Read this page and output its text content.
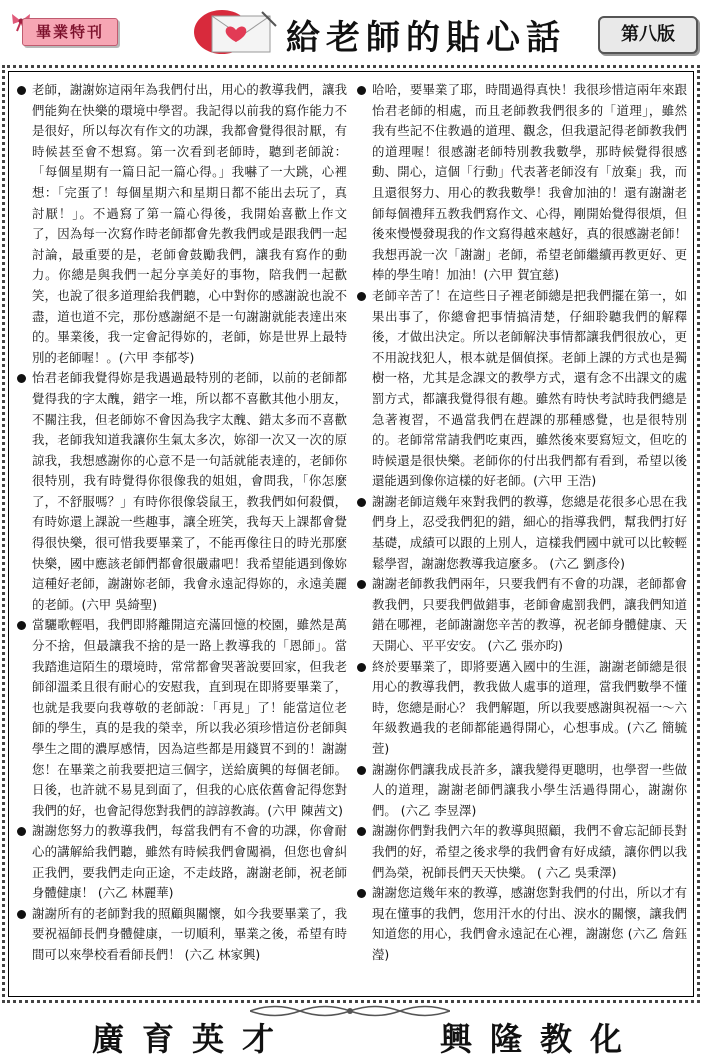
畢業特刊	給老師的貼心話	第八版
老師，謝謝妳這兩年為我們付出，用心的教導我們，讓我們能夠在快樂的環境中學習。我記得以前我的寫作能力不是很好，所以每次有作文的功課，我都會覺得很討厭，有時候甚至會不想寫。第一次看到老師時，聽到老師說：「每個星期有一篇日記一篇心得。」我嚇了一大跳，心裡想：「完蛋了！每個星期六和星期日都不能出去玩了，真討厭！」。不過寫了第一篇心得後，我開始喜歡上作文了，因為每一次寫作時老師都會先教我們或是跟我們一起討論，最重要的是，老師會鼓勵我們，讓我有寫作的動力。你總是與我們一起分享美好的事物，陪我們一起歡笑，也說了很多道理給我們聽，心中對你的感謝說也說不盡，道也道不完，那份感謝絕不是一句謝謝就能表達出來的。畢業後，我一定會記得妳的，老師，妳是世界上最特別的老師喔！。(六甲 李郁苓)
怡君老師我覺得妳是我遇過最特別的老師，以前的老師都覺得我的字太醜，錯字一堆，所以都不喜歡其他小朋友，不關注我，但老師妳不會因為我字太醜、錯太多而不喜歡我，老師我知道我讓你生氣太多次，妳卻一次又一次的原諒我，我想感謝你的心意不是一句話就能表達的，老師你很特別，我有時覺得你很像我的姐姐，會問我，「你怎麼了，不舒服嗎？」有時你很像袋鼠王，教我們如何殺價，有時妳還上課說一些趣事，讓全班笑，我每天上課都會覺得很快樂，很可惜我要畢業了，不能再像往日的時光那麼快樂，國中應該老師們都會很嚴肅吧！我希望能遇到像妳這種好老師，謝謝妳老師，我會永遠記得妳的，永遠美麗的老師。(六甲 吳綺聖)
當驪歌輕唱，我們即將離開這充滿回憶的校園，雖然是萬分不捨，但最讓我不捨的是一路上教導我的「恩師」。當我踏進這陌生的環境時，常常都會哭著說要回家，但我老師卻溫柔且很有耐心的安慰我，直到現在即將要畢業了，也就是我要向我尊敬的老師說：「再見」了！能當這位老師的學生，真的是我的榮幸，所以我必須珍惜這份老師與學生之間的濃厚感情，因為這些都是用錢買不到的！謝謝您！在畢業之前我要把這三個字，送給廣興的每個老師。日後，也許就不易見到面了，但我的心底依舊會記得您對我們的好，也會記得您對我們的諄諄教誨。(六甲 陳茜文)
謝謝您努力的教導我們，每當我們有不會的功課，你會耐 心的講解給我們聽，雖然有時候我們會闖禍，但您也會糾正我們，要我們走向正途，不走歧路，謝謝老師，祝老師身體健康！ (六乙 林麗華)
謝謝所有的老師對我的照顧與關懷，如今我要畢業了，我要祝福師長們身體健康，一切順利，畢業之後，希望有時間可以來學校看看師長們！ (六乙 林家興)
哈哈，要畢業了耶，時間過得真快！我很珍惜這兩年來跟怡君老師的相處，而且老師教我們很多的「道理」，雖然我有些記不住教過的道理、觀念，但我還記得老師教我們的道理喔！很感謝老師特別教我數學，那時候覺得很感動、開心，這個「行動」代表著老師沒有「放棄」我，而且還很努力、用心的教我數學！我會加油的！還有謝謝老師每個禮拜五教我們寫作文、心得，剛開始覺得很煩，但後來慢慢發現我的作文寫得越來越好，真的很感謝老師！我想再說一次「謝謝」老師，希望老師繼續再教更好、更棒的學生唷！加油！(六甲 賀宜慈)
老師辛苦了！在這些日子裡老師總是把我們擺在第一，如果出事了，你總會把事情搞清楚，仔細聆聽我們的解釋後，才做出決定。所以老師解決事情都讓我們很放心，更不用說找犯人，根本就是個偵探。老師上課的方式也是獨樹一格，尤其是念課文的教學方式，還有念不出課文的處罰方式，都讓我覺得很有趣。雖然有時快考試時我們總是急著複習，不過當我們在趕課的那種感覺，也是很特別的。老師常常請我們吃東西，雖然後來要寫短文，但吃的時候還是很快樂。老師你的付出我們都有看到，希望以後還能遇到像你這樣的好老師。(六甲 王浩)
謝謝老師這幾年來對我們的教導，您總是花很多心思在我們身上，忍受我們犯的錯，細心的指導我們，幫我們打好基礎，成績可以跟的上別人，這樣我們國中就可以比較輕鬆學習，謝謝您教導我這麼多。 (六乙 劉彥伶)
謝謝老師教我們兩年，只要我們有不會的功課，老師都會教我們，只要我們做錯事，老師會處罰我們，讓我們知道錯在哪裡，老師謝謝您辛苦的教導，祝老師身體健康、天天開心、平平安安。 (六乙 張亦昀)
終於要畢業了，即將要邁入國中的生涯，謝謝老師總是很用心的教導我們，教我做人處事的道理，當我們數學不懂時，您總是耐心？ 我們解題，所以我要感謝與祝福一～六年級教過我的老師都能過得開心，心想事成。(六乙 簡毓萱)
謝謝你們讓我成長許多，讓我變得更聰明，也學習一些做人的道理，謝謝老師們讓我小學生活過得開心，謝謝你們。 (六乙 李昱澤)
謝謝你們對我們六年的教導與照顧，我們不會忘記師長對我們的好，希望之後求學的我們會有好成績，讓你們以我們為榮，祝師長們天天快樂。 ( 六乙 吳秉澤)
謝謝您這幾年來的教導，感謝您對我們的付出，所以才有現在懂事的我們，您用汗水的付出、淚水的關懷，讓我們知道您的用心，我們會永遠記在心裡，謝謝您 (六乙 詹鈺瀅)
廣育英才	興隆教化
